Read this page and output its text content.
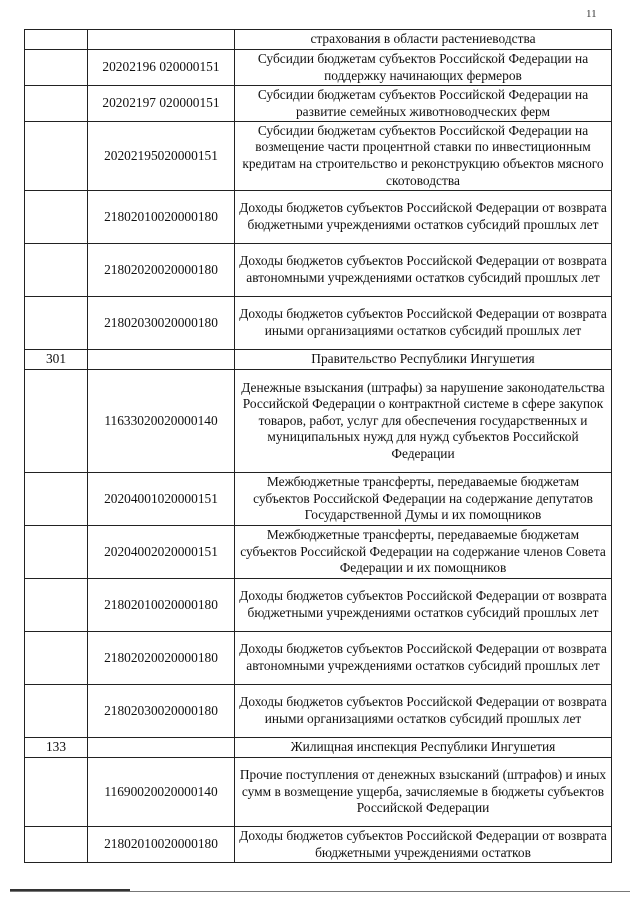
11
		страхования в области растениеводства
	20202196 020000151	Субсидии бюджетам субъектов Российской Федерации на поддержку начинающих фермеров
	20202197 020000151	Субсидии бюджетам субъектов Российской Федерации на развитие семейных животноводческих ферм
	20202195020000151	Субсидии бюджетам субъектов Российской Федерации на возмещение части процентной ставки по инвестиционным кредитам на строительство и реконструкцию объектов мясного скотоводства
	21802010020000180	Доходы бюджетов субъектов Российской Федерации от возврата бюджетными учреждениями остатков субсидий прошлых лет
	21802020020000180	Доходы бюджетов субъектов Российской Федерации от возврата автономными учреждениями остатков субсидий прошлых лет
	21802030020000180	Доходы бюджетов субъектов Российской Федерации от возврата иными организациями остатков субсидий прошлых лет
301		Правительство Республики Ингушетия
	11633020020000140	Денежные взыскания (штрафы) за нарушение законодательства Российской Федерации о контрактной системе в сфере закупок товаров, работ, услуг для обеспечения государственных и муниципальных нужд для нужд субъектов Российской Федерации
	20204001020000151	Межбюджетные трансферты, передаваемые бюджетам субъектов Российской Федерации на содержание депутатов Государственной Думы и их помощников
	20204002020000151	Межбюджетные трансферты, передаваемые бюджетам субъектов Российской Федерации на содержание членов Совета Федерации и их помощников
	21802010020000180	Доходы бюджетов субъектов Российской Федерации от возврата бюджетными учреждениями остатков субсидий прошлых лет
	21802020020000180	Доходы бюджетов субъектов Российской Федерации от возврата автономными учреждениями остатков субсидий прошлых лет
	21802030020000180	Доходы бюджетов субъектов Российской Федерации от возврата иными организациями остатков субсидий прошлых лет
133		Жилищная инспекция Республики Ингушетия
	11690020020000140	Прочие поступления от денежных взысканий (штрафов) и иных сумм в возмещение ущерба, зачисляемые в бюджеты субъектов Российской Федерации
	21802010020000180	Доходы бюджетов субъектов Российской Федерации от возврата бюджетными учреждениями остатков
